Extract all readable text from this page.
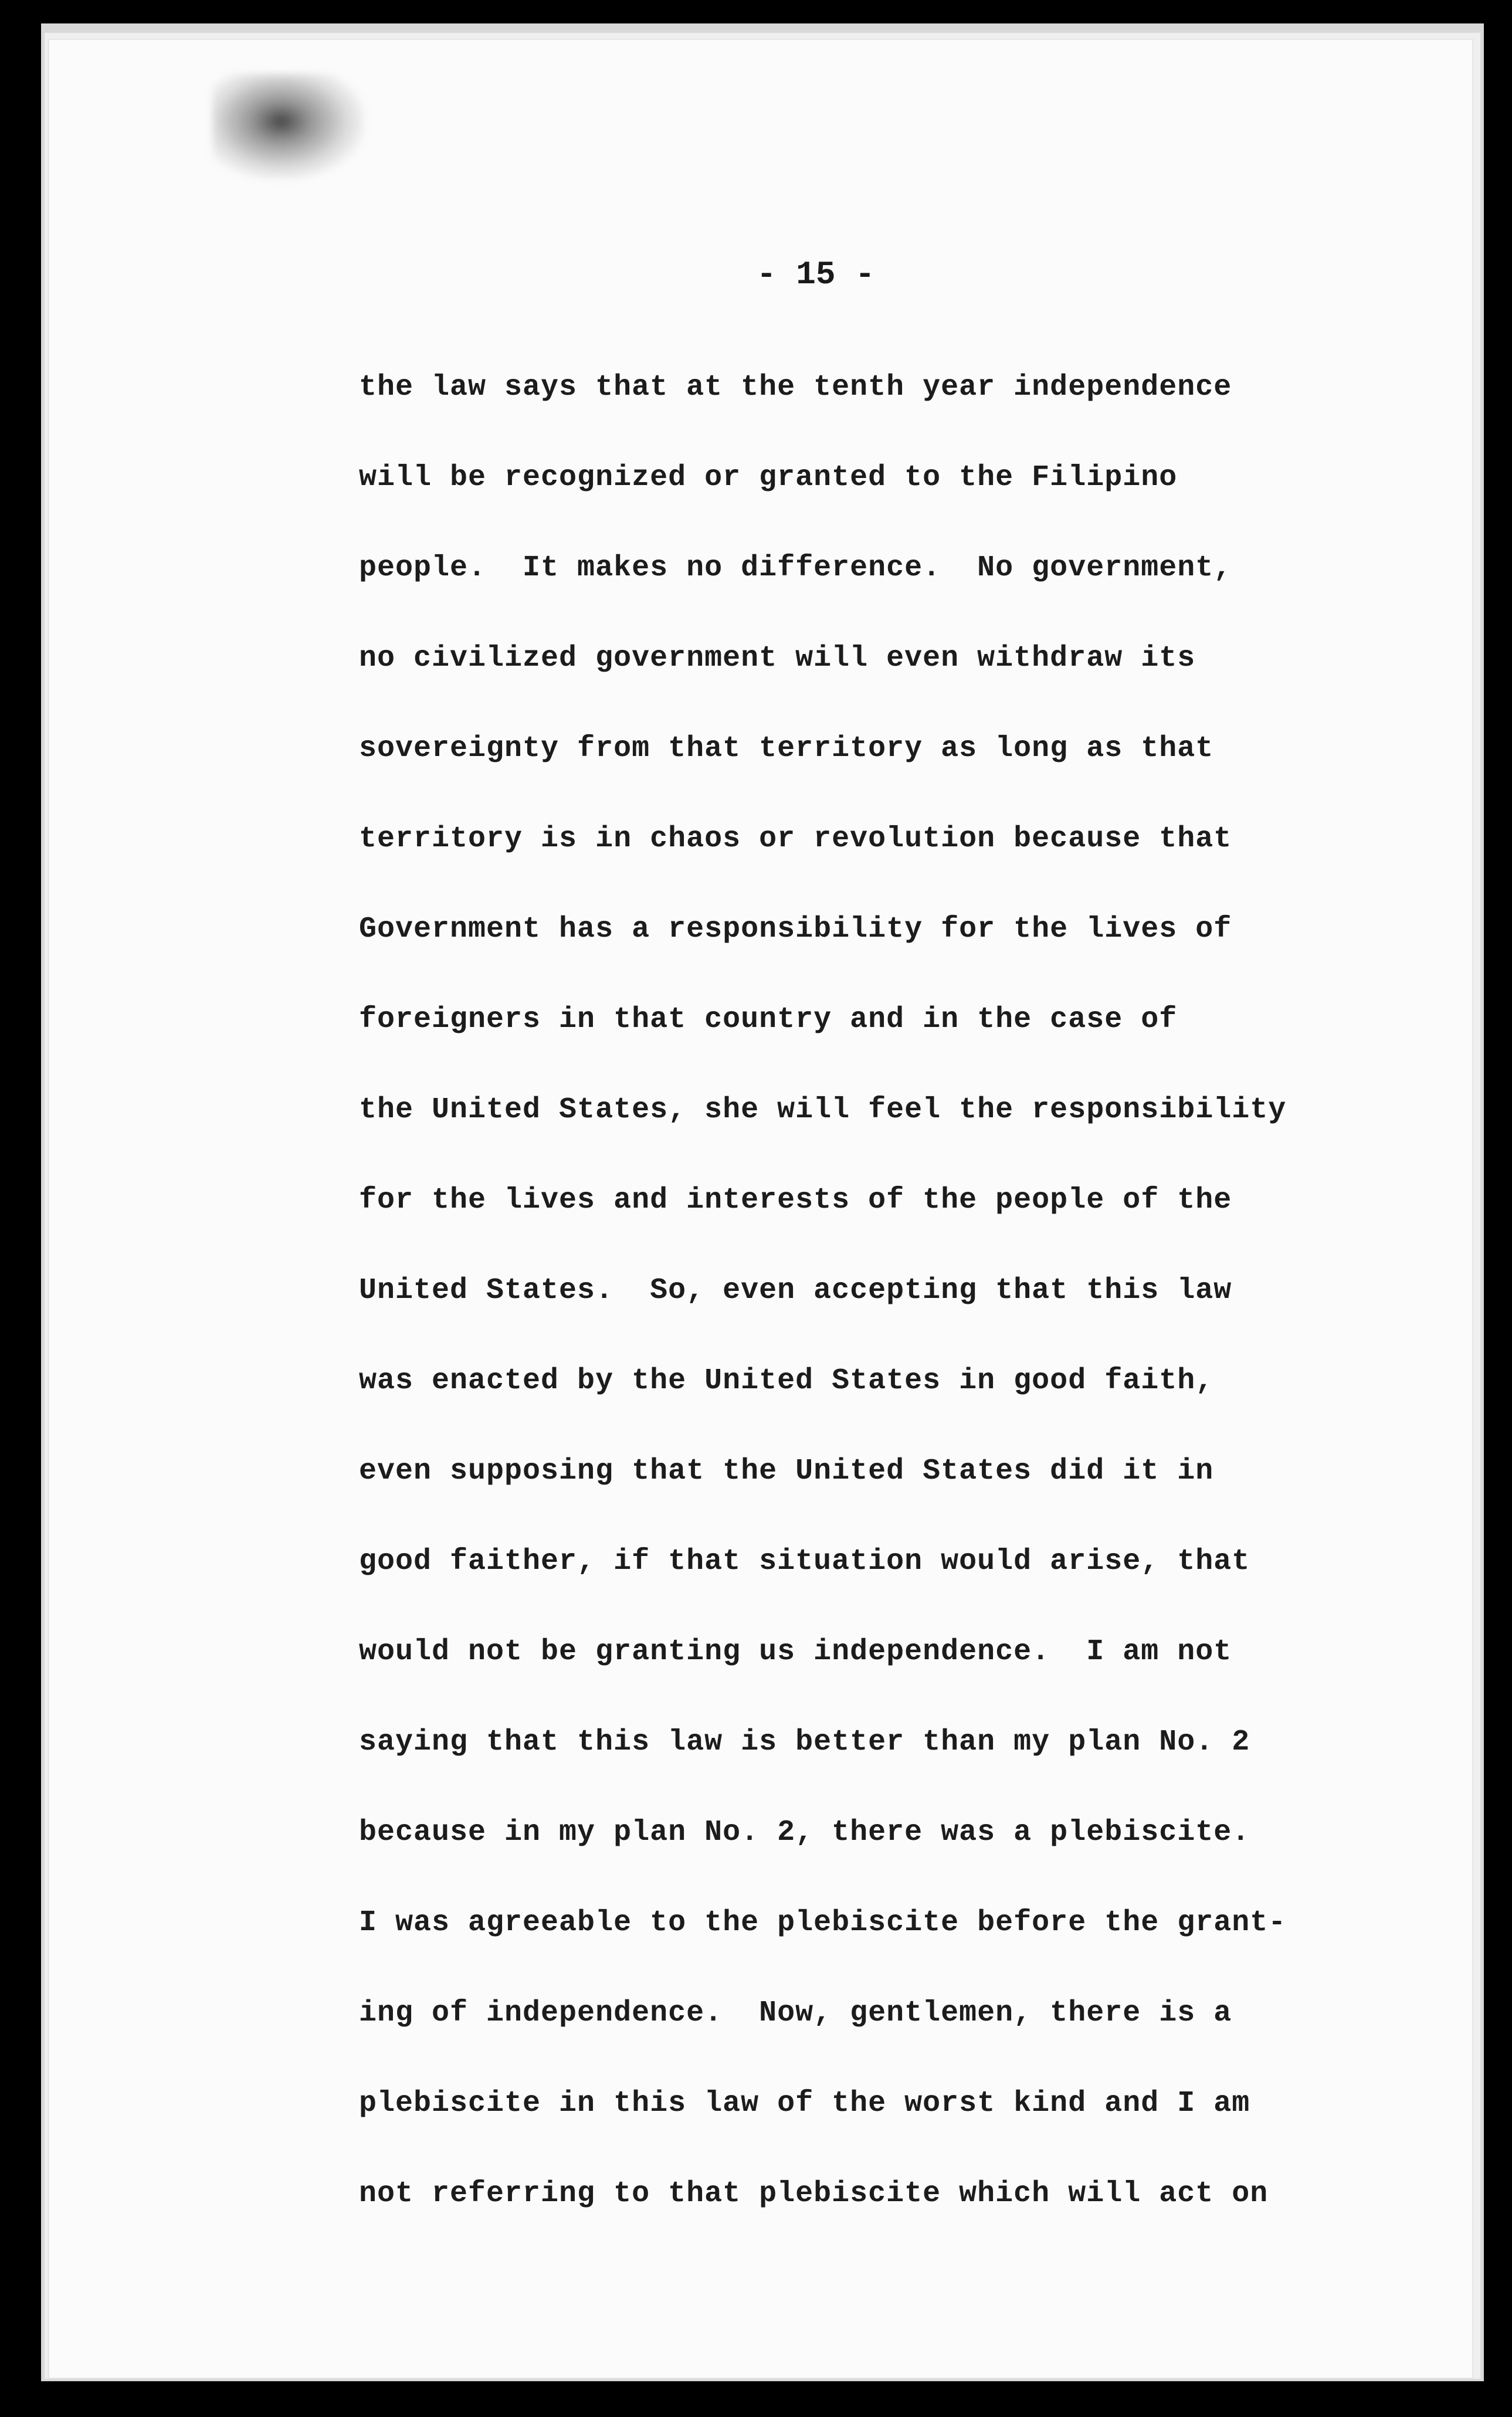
- 15 -
the law says that at the tenth year independence
will be recognized or granted to the Filipino
people.  It makes no difference.  No government,
no civilized government will even withdraw its
sovereignty from that territory as long as that
territory is in chaos or revolution because that
Government has a responsibility for the lives of
foreigners in that country and in the case of
the United States, she will feel the responsibility
for the lives and interests of the people of the
United States.  So, even accepting that this law
was enacted by the United States in good faith,
even supposing that the United States did it in
good faither, if that situation would arise, that
would not be granting us independence.  I am not
saying that this law is better than my plan No. 2
because in my plan No. 2, there was a plebiscite.
I was agreeable to the plebiscite before the grant-
ing of independence.  Now, gentlemen, there is a
plebiscite in this law of the worst kind and I am
not referring to that plebiscite which will act on
